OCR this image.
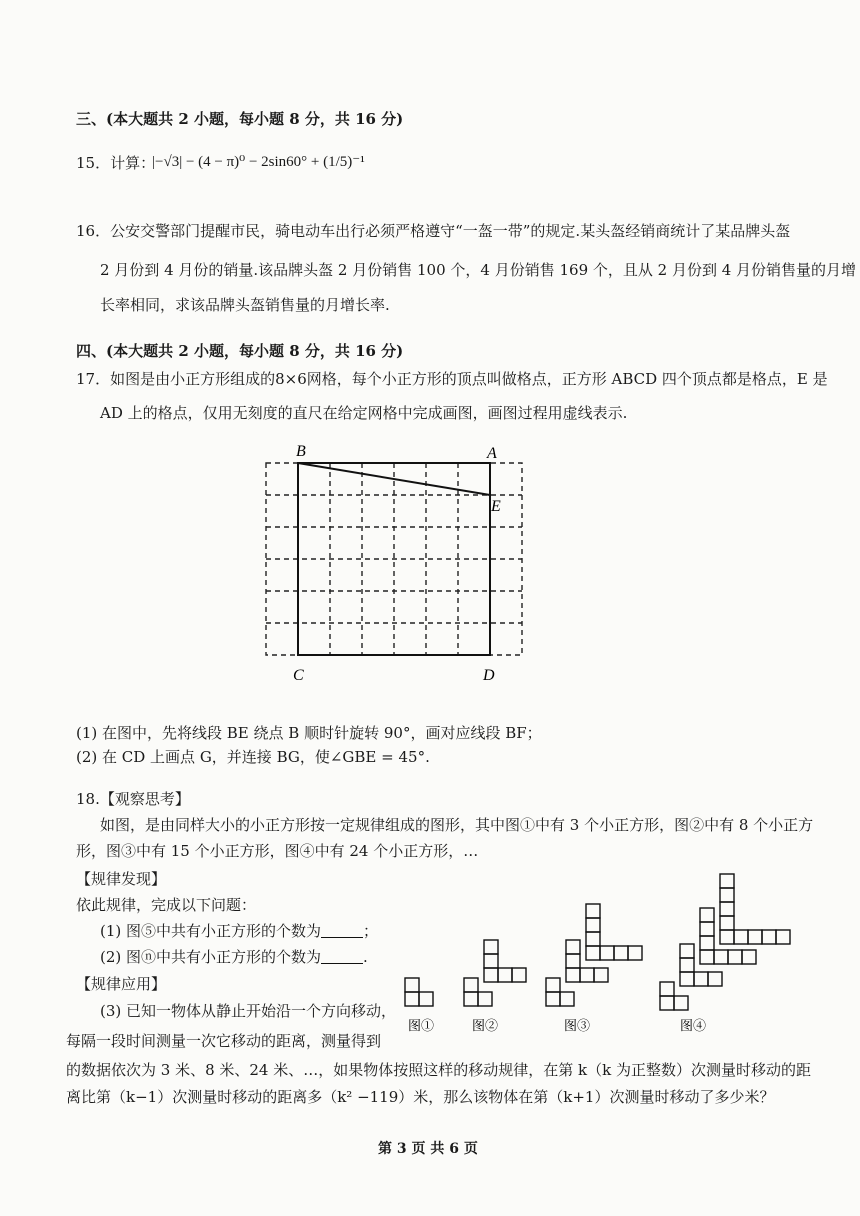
三、(本大题共 2 小题，每小题 8 分，共 16 分)
15．计算：
|−√3| − (4 − π)⁰ − 2sin60° + (1/5)⁻¹
16．公安交警部门提醒市民，骑电动车出行必须严格遵守“一盔一带”的规定.某头盔经销商统计了某品牌头盔
2 月份到 4 月份的销量.该品牌头盔 2 月份销售 100 个，4 月份销售 169 个，且从 2 月份到 4 月份销售量的月增
长率相同，求该品牌头盔销售量的月增长率.
四、(本大题共 2 小题，每小题 8 分，共 16 分)
17．如图是由小正方形组成的8×6网格，每个小正方形的顶点叫做格点，正方形 ABCD 四个顶点都是格点，E 是
AD 上的格点，仅用无刻度的直尺在给定网格中完成画图，画图过程用虚线表示.
B	A
E
C	D
(1) 在图中，先将线段 BE 绕点 B 顺时针旋转 90°，画对应线段 BF；
(2) 在 CD 上画点 G，并连接 BG，使∠GBE = 45°.
18.【观察思考】
如图，是由同样大小的小正方形按一定规律组成的图形，其中图①中有 3 个小正方形，图②中有 8 个小正方
形，图③中有 15 个小正方形，图④中有 24 个小正方形，…
【规律发现】
依此规律，完成以下问题：
(1) 图⑤中共有小正方形的个数为	；
(2) 图ⓝ中共有小正方形的个数为	.
【规律应用】
(3) 已知一物体从静止开始沿一个方向移动，
每隔一段时间测量一次它移动的距离，测量得到
的数据依次为 3 米、8 米、24 米、…，如果物体按照这样的移动规律，在第 k（k 为正整数）次测量时移动的距
离比第（k−1）次测量时移动的距离多（k² −119）米，那么该物体在第（k+1）次测量时移动了多少米？
图①	图②	图③	图④
第 3 页 共 6 页
